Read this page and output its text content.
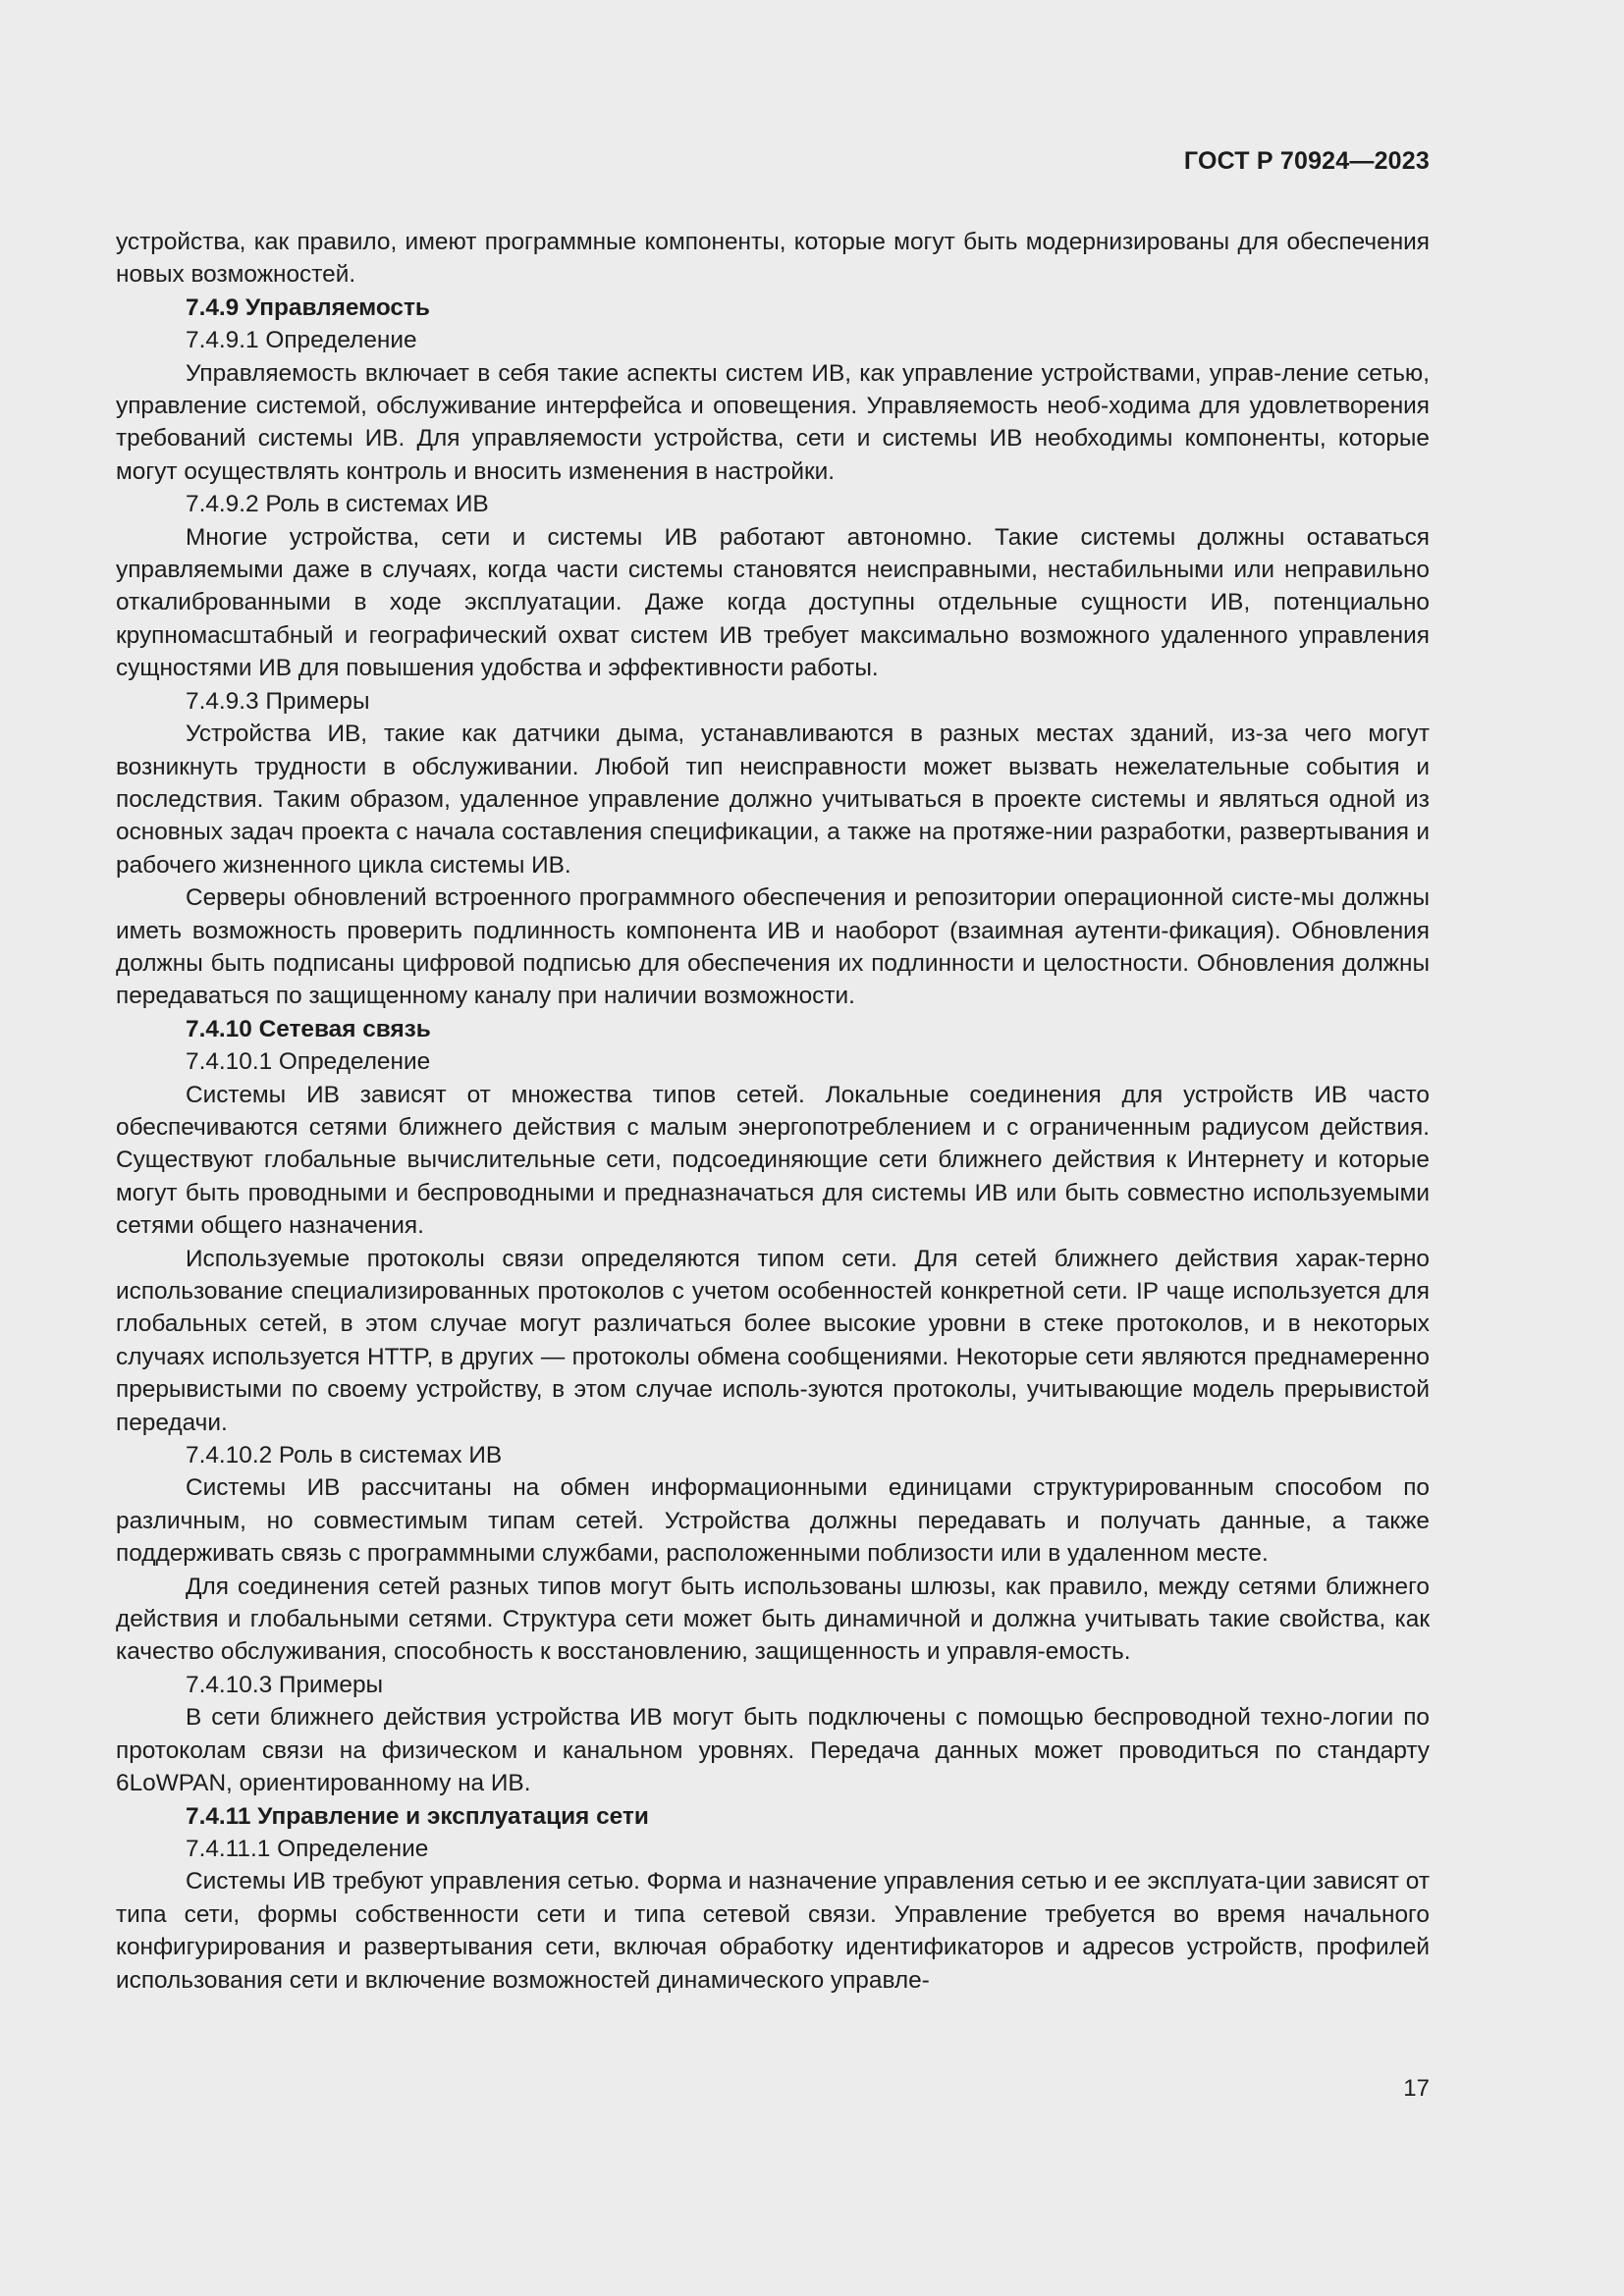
ГОСТ Р 70924—2023

устройства, как правило, имеют программные компоненты, которые могут быть модернизированы для обеспечения новых возможностей.

7.4.9 Управляемость

7.4.9.1 Определение

Управляемость включает в себя такие аспекты систем ИВ, как управление устройствами, управ-ление сетью, управление системой, обслуживание интерфейса и оповещения. Управляемость необ-ходима для удовлетворения требований системы ИВ. Для управляемости устройства, сети и системы ИВ необходимы компоненты, которые могут осуществлять контроль и вносить изменения в настройки.

7.4.9.2 Роль в системах ИВ

Многие устройства, сети и системы ИВ работают автономно. Такие системы должны оставаться управляемыми даже в случаях, когда части системы становятся неисправными, нестабильными или неправильно откалиброванными в ходе эксплуатации. Даже когда доступны отдельные сущности ИВ, потенциально крупномасштабный и географический охват систем ИВ требует максимально возможного удаленного управления сущностями ИВ для повышения удобства и эффективности работы.

7.4.9.3 Примеры

Устройства ИВ, такие как датчики дыма, устанавливаются в разных местах зданий, из-за чего могут возникнуть трудности в обслуживании. Любой тип неисправности может вызвать нежелательные события и последствия. Таким образом, удаленное управление должно учитываться в проекте системы и являться одной из основных задач проекта с начала составления спецификации, а также на протяже-нии разработки, развертывания и рабочего жизненного цикла системы ИВ.

Серверы обновлений встроенного программного обеспечения и репозитории операционной систе-мы должны иметь возможность проверить подлинность компонента ИВ и наоборот (взаимная аутенти-фикация). Обновления должны быть подписаны цифровой подписью для обеспечения их подлинности и целостности. Обновления должны передаваться по защищенному каналу при наличии возможности.

7.4.10 Сетевая связь

7.4.10.1 Определение

Системы ИВ зависят от множества типов сетей. Локальные соединения для устройств ИВ часто обеспечиваются сетями ближнего действия с малым энергопотреблением и с ограниченным радиусом действия. Существуют глобальные вычислительные сети, подсоединяющие сети ближнего действия к Интернету и которые могут быть проводными и беспроводными и предназначаться для системы ИВ или быть совместно используемыми сетями общего назначения.

Используемые протоколы связи определяются типом сети. Для сетей ближнего действия харак-терно использование специализированных протоколов с учетом особенностей конкретной сети. IP чаще используется для глобальных сетей, в этом случае могут различаться более высокие уровни в стеке протоколов, и в некоторых случаях используется HTTP, в других — протоколы обмена сообщениями. Некоторые сети являются преднамеренно прерывистыми по своему устройству, в этом случае исполь-зуются протоколы, учитывающие модель прерывистой передачи.

7.4.10.2 Роль в системах ИВ

Системы ИВ рассчитаны на обмен информационными единицами структурированным способом по различным, но совместимым типам сетей. Устройства должны передавать и получать данные, а также поддерживать связь с программными службами, расположенными поблизости или в удаленном месте.

Для соединения сетей разных типов могут быть использованы шлюзы, как правило, между сетями ближнего действия и глобальными сетями. Структура сети может быть динамичной и должна учитывать такие свойства, как качество обслуживания, способность к восстановлению, защищенность и управля-емость.

7.4.10.3 Примеры

В сети ближнего действия устройства ИВ могут быть подключены с помощью беспроводной техно-логии по протоколам связи на физическом и канальном уровнях. Передача данных может проводиться по стандарту 6LoWPAN, ориентированному на ИВ.

7.4.11 Управление и эксплуатация сети

7.4.11.1 Определение

Системы ИВ требуют управления сетью. Форма и назначение управления сетью и ее эксплуата-ции зависят от типа сети, формы собственности сети и типа сетевой связи. Управление требуется во время начального конфигурирования и развертывания сети, включая обработку идентификаторов и адресов устройств, профилей использования сети и включение возможностей динамического управле-

17
